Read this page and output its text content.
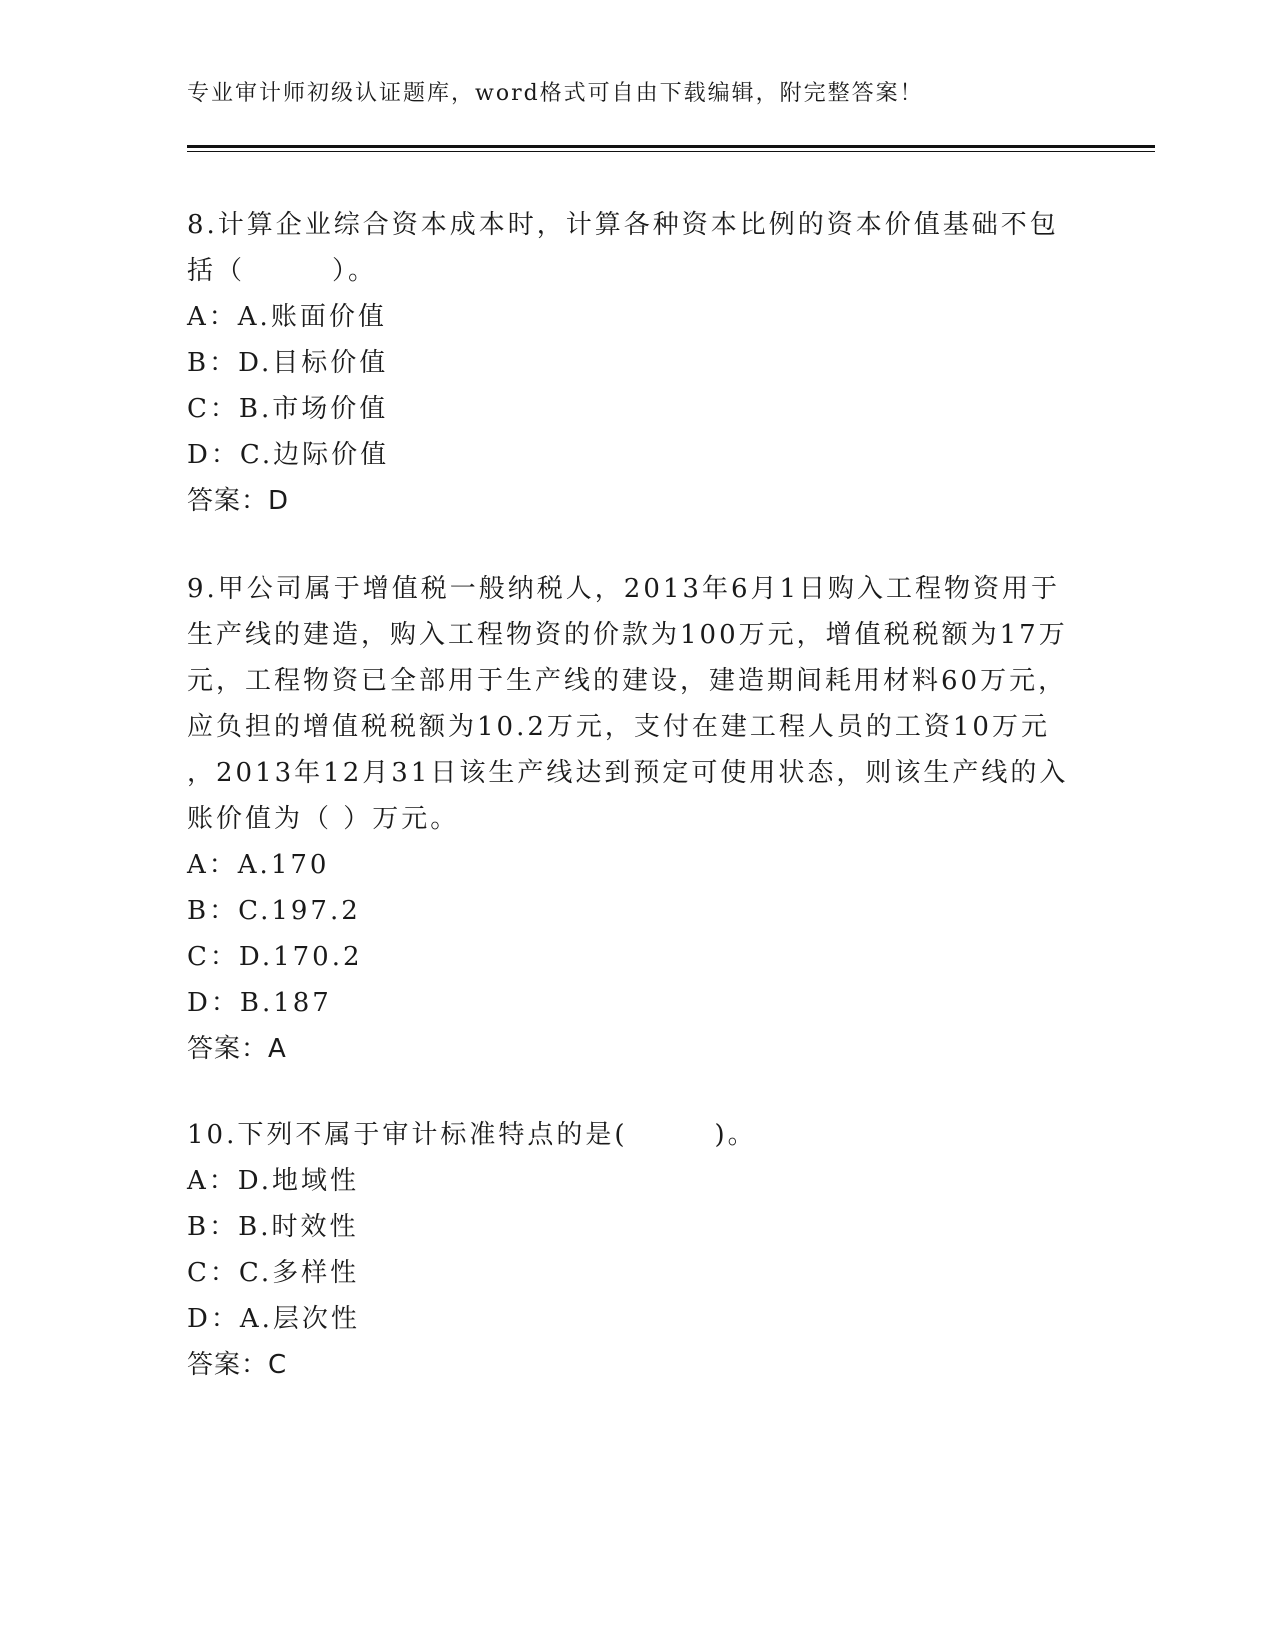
专业审计师初级认证题库，word格式可自由下载编辑，附完整答案！
8.计算企业综合资本成本时，计算各种资本比例的资本价值基础不包
括（　　　）。
A：A.账面价值
B：D.目标价值
C：B.市场价值
D：C.边际价值
答案：D
9.甲公司属于增值税一般纳税人，2013年6月1日购入工程物资用于
生产线的建造，购入工程物资的价款为100万元，增值税税额为17万
元，工程物资已全部用于生产线的建设，建造期间耗用材料60万元，
应负担的增值税税额为10.2万元，支付在建工程人员的工资10万元
，2013年12月31日该生产线达到预定可使用状态，则该生产线的入
账价值为（ ）万元。
A：A.170
B：C.197.2
C：D.170.2
D：B.187
答案：A
10.下列不属于审计标准特点的是(　　　)。
A：D.地域性
B：B.时效性
C：C.多样性
D：A.层次性
答案：C
